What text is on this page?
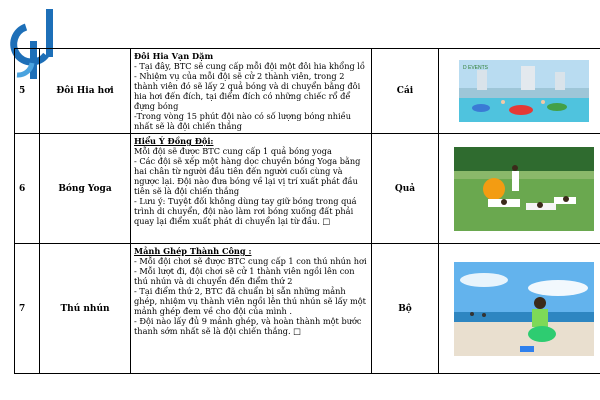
5	Đôi Hia hơi	Đôi Hia Vạn Dặm
- Tại đây, BTC sẽ cung cấp mỗi đội một đôi hia khổng lồ
- Nhiệm vụ của mỗi đội sẽ cử 2 thành viên, trong 2 thành viên đó sẽ lấy 2 quả bóng và di chuyển bằng đôi hia hơi đến đích, tại điểm đích có những chiếc rổ để đựng bóng
-Trong vòng 15 phút đội nào có số lượng bóng nhiều nhất sẽ là đội chiến thắng	Cái	D EVENTS

6	Bóng Yoga	Hiểu Ý Đồng Đội:
Mỗi đội sẽ được BTC cung cấp 1 quả bóng yoga
- Các đội sẽ xếp một hàng dọc chuyền bóng Yoga bằng hai chân từ người đầu tiên đến người cuối cùng và ngược lại. Đội nào đưa bóng về lại vị trí xuất phát đầu tiên sẽ là đội chiến thắng
- Lưu ý: Tuyệt đối không dùng tay giữ bóng trong quá trình di chuyển, đội nào làm rơi bóng xuống đất phải quay lại điểm xuất phát di chuyển lại từ đầu. □	Quả	

7	Thú nhún	Mảnh Ghép Thành Công :
- Mỗi đội chơi sẽ được BTC cung cấp 1 con thú nhún hơi
- Mỗi lượt đi, đội chơi sẽ cử 1 thành viên ngồi lên con thú nhún và di chuyển đến điểm thứ 2
- Tại điểm thứ 2, BTC đã chuẩn bị sẵn những mảnh ghép, nhiệm vụ thành viên ngồi lên thú nhún sẽ lấy một mảnh ghép đem về cho đội của mình .
- Đội nào lấy đủ 9 mảnh ghép, và hoàn thành một bước thanh sớm nhất sẽ là đội chiến thắng. □	Bộ	
